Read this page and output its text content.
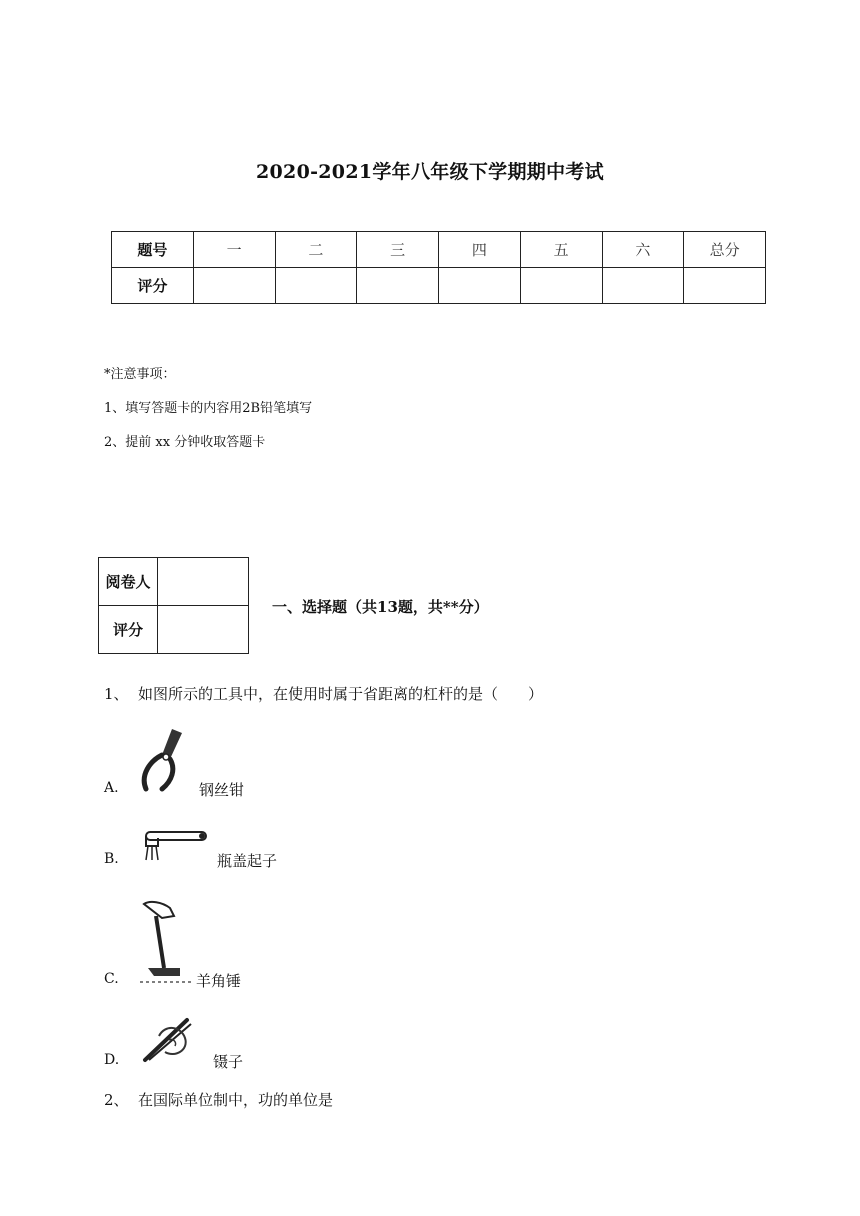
2020-2021学年八年级下学期期中考试
题号	一	二	三	四	五	六	总分
评分							
*注意事项：
1、填写答题卡的内容用2B铅笔填写
2、提前 xx 分钟收取答题卡
阅卷人	
评分	
一、选择题（共13题，共**分）
1、 如图所示的工具中，在使用时属于省距离的杠杆的是（　　）
A.	钢丝钳
B.	瓶盖起子
C.	羊角锤
D.	镊子
2、 在国际单位制中，功的单位是
